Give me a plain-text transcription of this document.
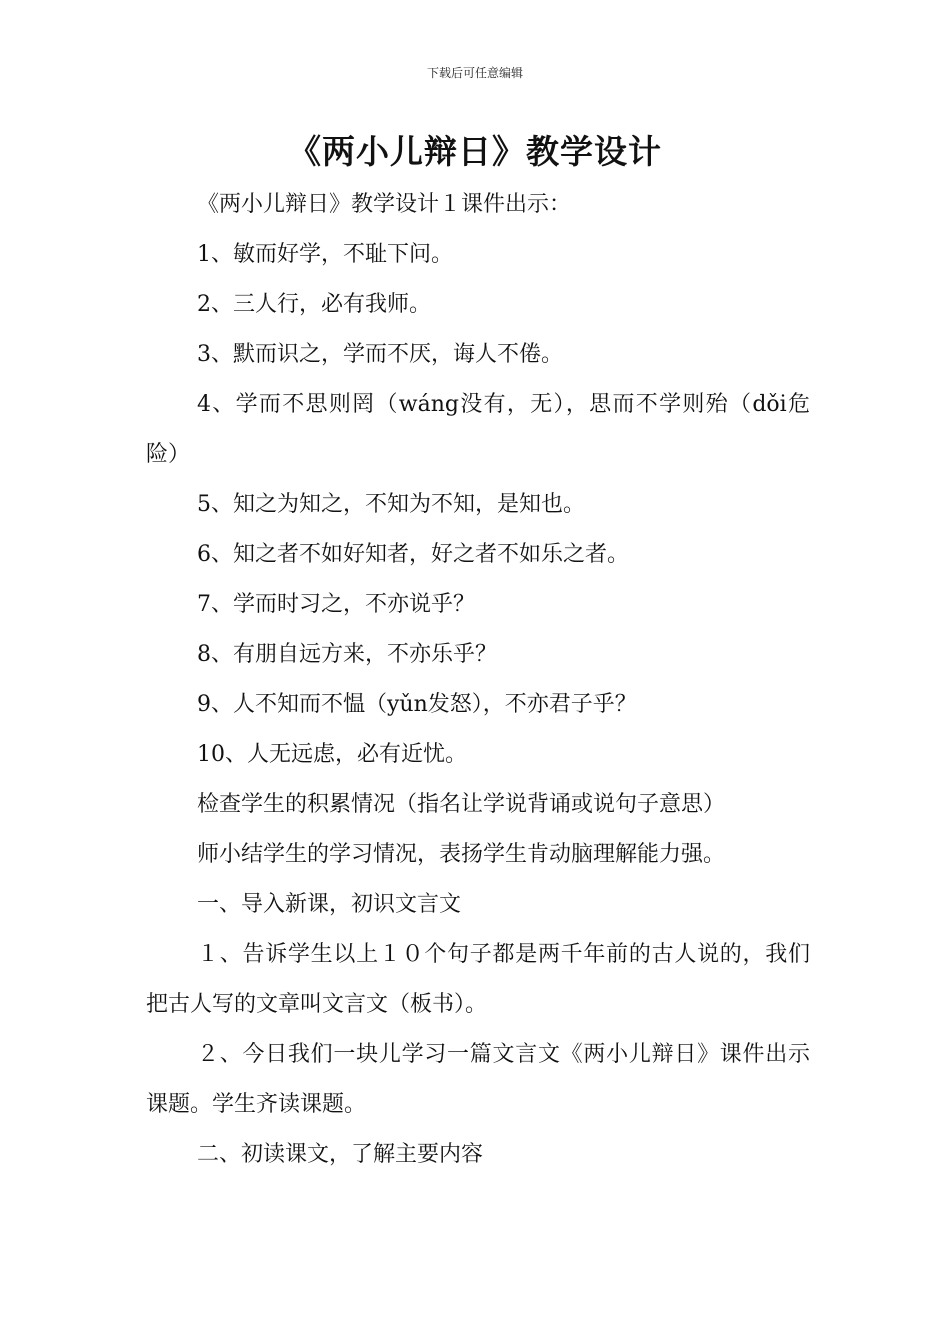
下载后可任意编辑
《两小儿辩日》教学设计

《两小儿辩日》教学设计１课件出示：

1、敏而好学，不耻下问。

2、三人行，必有我师。

3、默而识之，学而不厌，诲人不倦。

4、学而不思则罔（wáng没有，无），思而不学则殆（dǒi危险）

5、知之为知之，不知为不知，是知也。

6、知之者不如好知者，好之者不如乐之者。

7、学而时习之，不亦说乎？

8、有朋自远方来，不亦乐乎？

9、人不知而不愠（yǔn发怒），不亦君子乎？

10、人无远虑，必有近忧。

检查学生的积累情况（指名让学说背诵或说句子意思）

师小结学生的学习情况，表扬学生肯动脑理解能力强。

一、导入新课，初识文言文

１、告诉学生以上１０个句子都是两千年前的古人说的，我们把古人写的文章叫文言文（板书）。

２、今日我们一块儿学习一篇文言文《两小儿辩日》课件出示课题。学生齐读课题。

二、初读课文，了解主要内容
